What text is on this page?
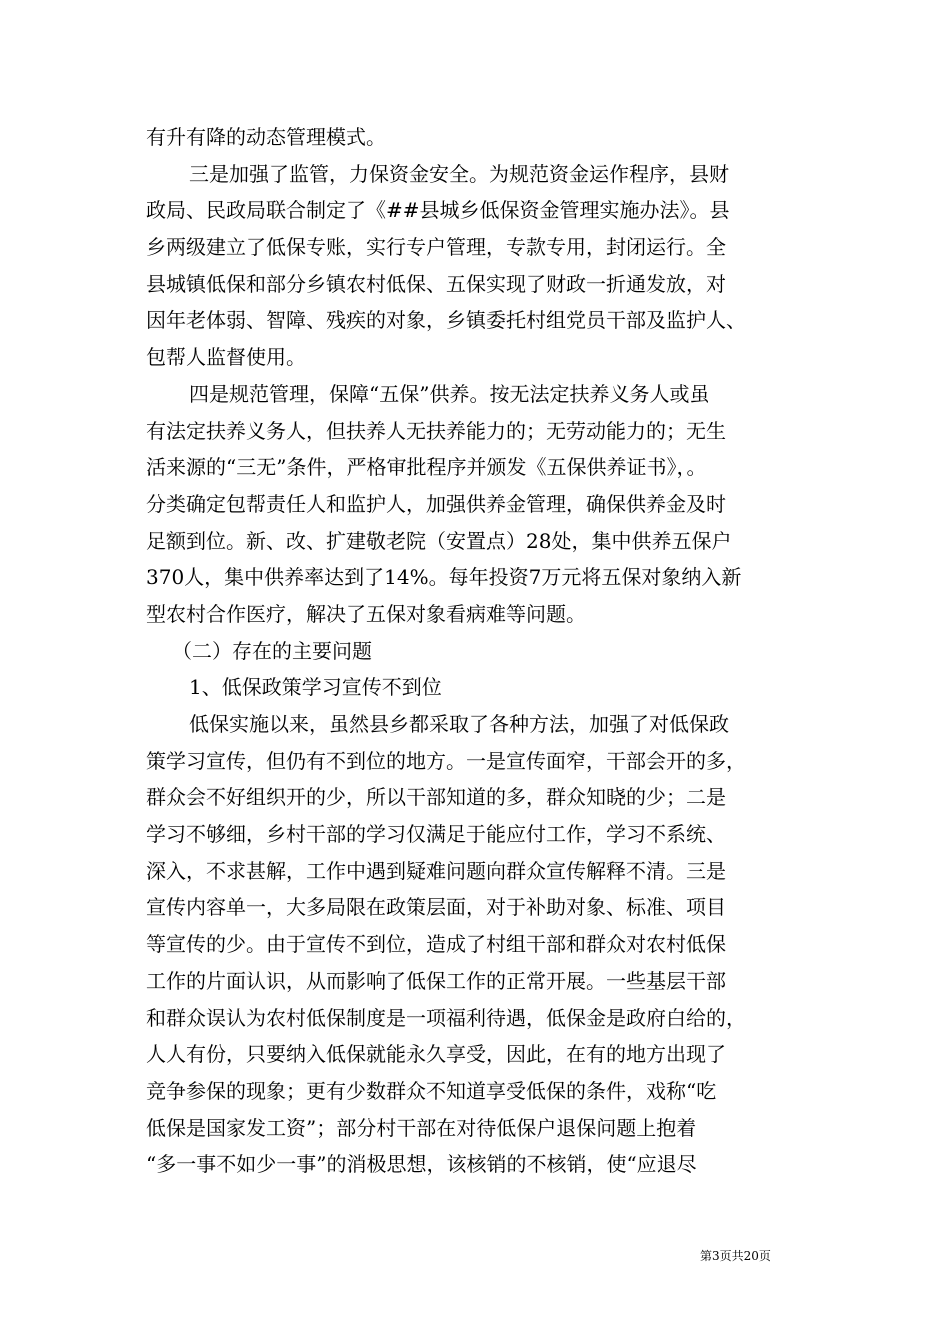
有升有降的动态管理模式。
三是加强了监管，力保资金安全。为规范资金运作程序，县财
政局、民政局联合制定了《##县城乡低保资金管理实施办法》。县
乡两级建立了低保专账，实行专户管理，专款专用，封闭运行。全
县城镇低保和部分乡镇农村低保、五保实现了财政一折通发放，对
因年老体弱、智障、残疾的对象，乡镇委托村组党员干部及监护人、
包帮人监督使用。
四是规范管理，保障“五保”供养。按无法定扶养义务人或虽
有法定扶养义务人，但扶养人无扶养能力的；无劳动能力的；无生
活来源的“三无”条件，严格审批程序并颁发《五保供养证书》，。
分类确定包帮责任人和监护人，加强供养金管理，确保供养金及时
足额到位。新、改、扩建敬老院（安置点）28处，集中供养五保户
370人，集中供养率达到了14%。每年投资7万元将五保对象纳入新
型农村合作医疗，解决了五保对象看病难等问题。
（二）存在的主要问题
1、低保政策学习宣传不到位
低保实施以来，虽然县乡都采取了各种方法，加强了对低保政
策学习宣传，但仍有不到位的地方。一是宣传面窄，干部会开的多，
群众会不好组织开的少，所以干部知道的多，群众知晓的少；二是
学习不够细，乡村干部的学习仅满足于能应付工作，学习不系统、
深入，不求甚解，工作中遇到疑难问题向群众宣传解释不清。三是
宣传内容单一，大多局限在政策层面，对于补助对象、标准、项目
等宣传的少。由于宣传不到位，造成了村组干部和群众对农村低保
工作的片面认识，从而影响了低保工作的正常开展。一些基层干部
和群众误认为农村低保制度是一项福利待遇，低保金是政府白给的，
人人有份，只要纳入低保就能永久享受，因此，在有的地方出现了
竞争参保的现象；更有少数群众不知道享受低保的条件，戏称“吃
低保是国家发工资”；部分村干部在对待低保户退保问题上抱着
“多一事不如少一事”的消极思想，该核销的不核销，使“应退尽
第3页共20页
